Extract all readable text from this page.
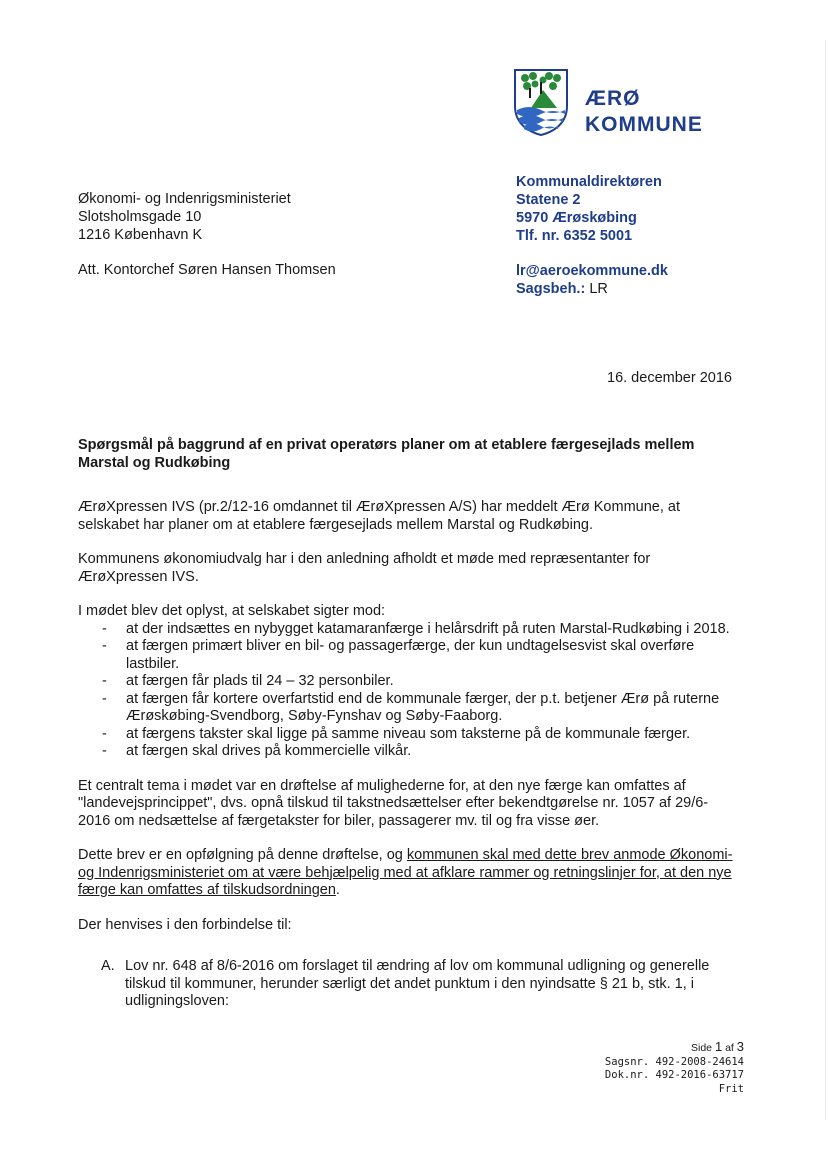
ÆRØ
KOMMUNE
Økonomi- og Indenrigsministeriet
Slotsholmsgade 10
1216 København K
Att. Kontorchef Søren Hansen Thomsen
Kommunaldirektøren
Statene 2
5970 Ærøskøbing
Tlf. nr. 6352 5001
lr@aeroekommune.dk
Sagsbeh.: LR
16. december 2016
Spørgsmål på baggrund af en privat operatørs planer om at etablere færgesejlads mellem Marstal og Rudkøbing
ÆrøXpressen IVS (pr.2/12-16 omdannet til ÆrøXpressen A/S) har meddelt Ærø Kommune, at selskabet har planer om at etablere færgesejlads mellem Marstal og Rudkøbing.
Kommunens økonomiudvalg har i den anledning afholdt et møde med repræsentanter for ÆrøXpressen IVS.
I mødet blev det oplyst, at selskabet sigter mod:
- at der indsættes en nybygget katamaranfærge i helårsdrift på ruten Marstal-Rudkøbing i 2018.
- at færgen primært bliver en bil- og passagerfærge, der kun undtagelsesvist skal overføre lastbiler.
- at færgen får plads til 24 – 32 personbiler.
- at færgen får kortere overfartstid end de kommunale færger, der p.t. betjener Ærø på ruterne Ærøskøbing-Svendborg, Søby-Fynshav og Søby-Faaborg.
- at færgens takster skal ligge på samme niveau som taksterne på de kommunale færger.
- at færgen skal drives på kommercielle vilkår.
Et centralt tema i mødet var en drøftelse af mulighederne for, at den nye færge kan omfattes af "landevejsprincippet", dvs. opnå tilskud til takstnedsættelser efter bekendtgørelse nr. 1057 af 29/6-2016 om nedsættelse af færgetakster for biler, passagerer mv. til og fra visse øer.
Dette brev er en opfølgning på denne drøftelse, og kommunen skal med dette brev anmode Økonomi- og Indenrigsministeriet om at være behjælpelig med at afklare rammer og retningslinjer for, at den nye færge kan omfattes af tilskudsordningen.
Der henvises i den forbindelse til:
A. Lov nr. 648 af 8/6-2016 om forslaget til ændring af lov om kommunal udligning og generelle tilskud til kommuner, herunder særligt det andet punktum i den nyindsatte § 21 b, stk. 1, i udligningsloven:
Side 1 af 3
Sagsnr. 492-2008-24614
Dok.nr. 492-2016-63717
Frit
